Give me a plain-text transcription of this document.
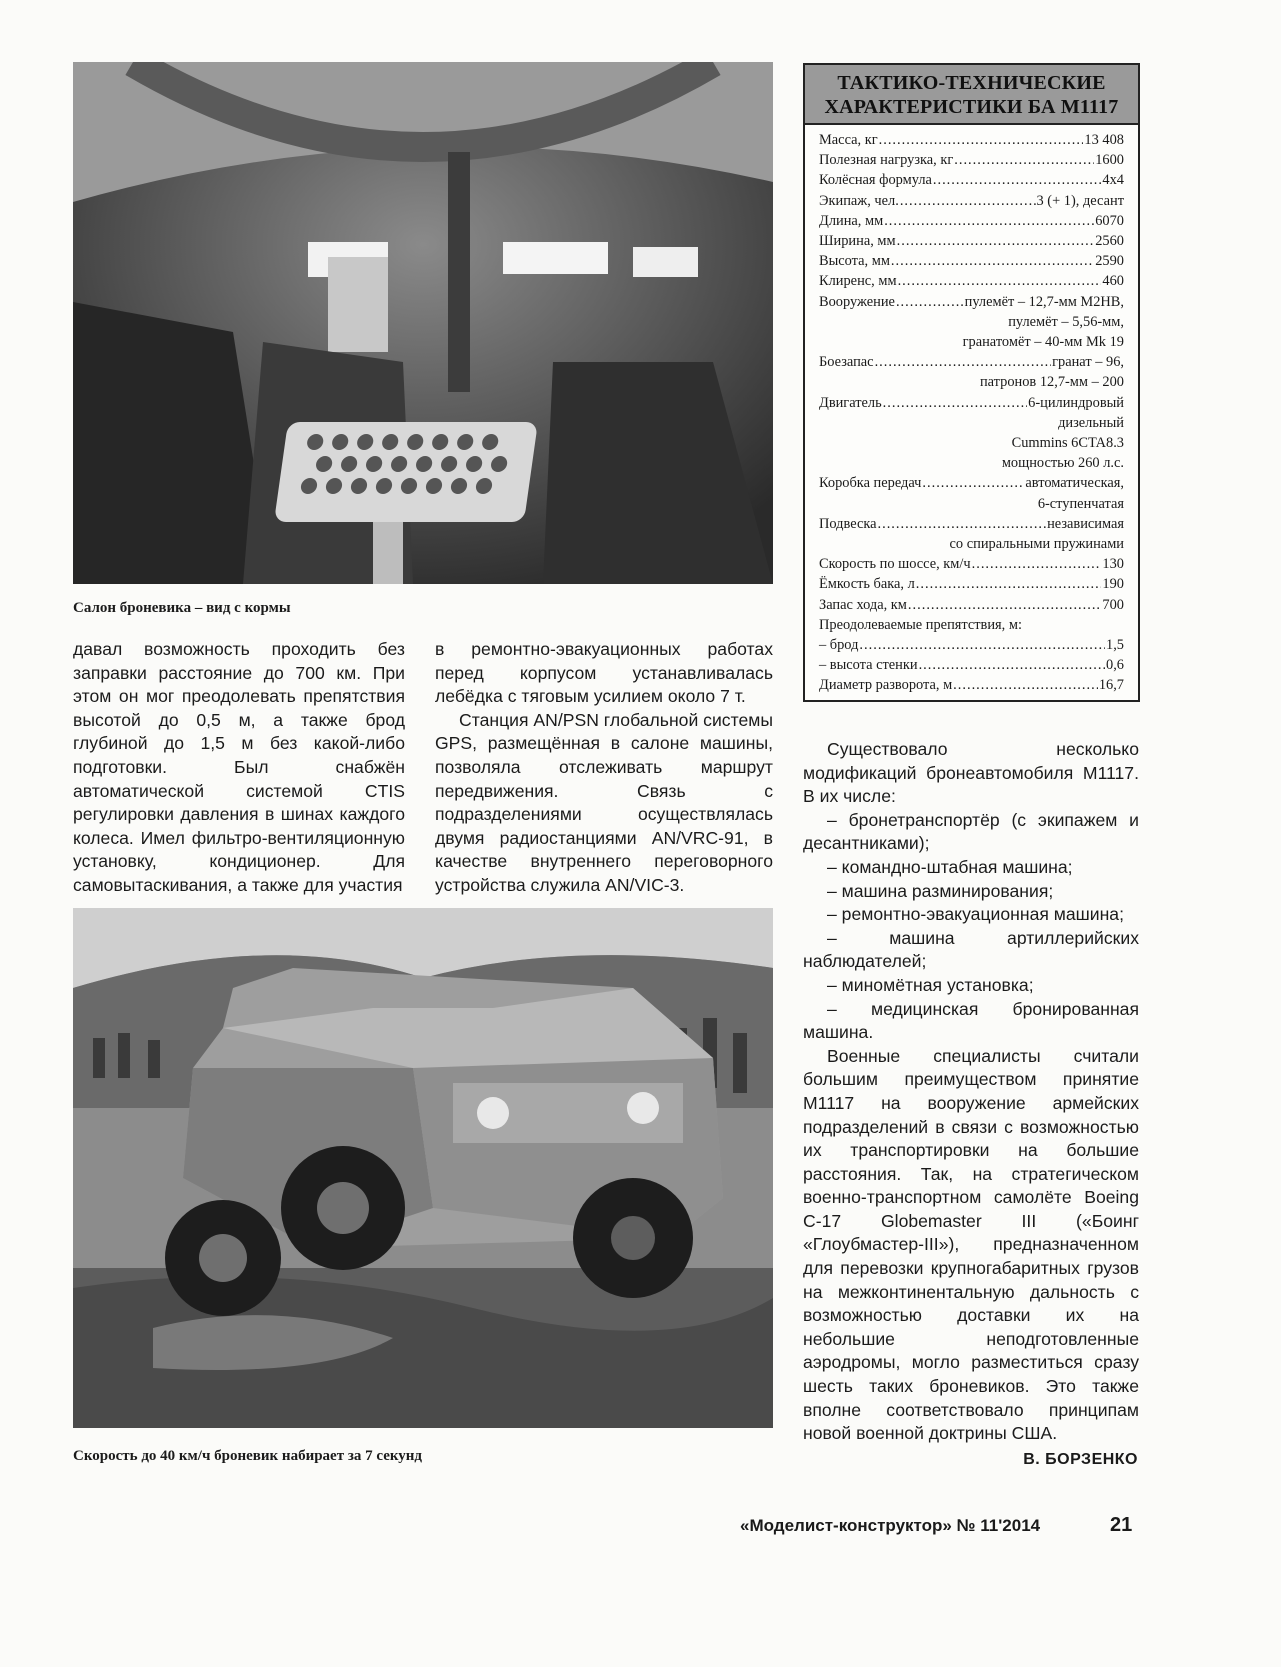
Салон броневика – вид с кормы
ТАКТИКО-ТЕХНИЧЕСКИЕ
ХАРАКТЕРИСТИКИ БА М1117
Масса, кг .....	13 408
Полезная нагрузка, кг .....	1600
Колёсная формула .....	4x4
Экипаж, чел. .....	3 (+ 1), десант
Длина, мм .....	6070
Ширина, мм .....	2560
Высота, мм .....	2590
Клиренс, мм .....	460
Вооружение .....	пулемёт – 12,7-мм M2HB,
пулемёт – 5,56-мм,
гранатомёт – 40-мм Mk 19
Боезапас .....	гранат – 96,
патронов 12,7-мм – 200
Двигатель .....	6-цилиндровый
дизельный
Cummins 6CTA8.3
мощностью 260 л.с.
Коробка передач .....	автоматическая,
6-ступенчатая
Подвеска .....	независимая
со спиральными пружинами
Скорость по шоссе, км/ч .....	130
Ёмкость бака, л .....	190
Запас хода, км .....	700
Преодолеваемые препятствия, м:
– брод .....	1,5
– высота стенки .....	0,6
Диаметр разворота, м .....	16,7

давал возможность проходить без заправки расстояние до 700 км. При этом он мог преодолевать препятствия высотой до 0,5 м, а также брод глубиной до 1,5 м без какой-либо подготовки. Был снабжён автоматической системой CTIS регулировки давления в шинах каждого колеса. Имел фильтро-вентиляционную установку, кондиционер. Для самовытаскивания, а также для участия

в ремонтно-эвакуационных работах перед корпусом устанавливалась лебёдка с тяговым усилием около 7 т.

Станция AN/PSN глобальной системы GPS, размещённая в салоне машины, позволяла отслеживать маршрут передвижения. Связь с подразделениями осуществлялась двумя радиостанциями AN/VRC-91, в качестве внутреннего переговорного устройства служила AN/VIC-3.

Существовало несколько модификаций бронеавтомобиля М1117. В их числе:

– бронетранспортёр (с экипажем и десантниками);

– командно-штабная машина;

– машина разминирования;

– ремонтно-эвакуационная машина;

– машина артиллерийских наблюдателей;

– миномётная установка;

– медицинская бронированная машина.

Военные специалисты считали большим преимуществом принятие М1117 на вооружение армейских подразделений в связи с возможностью их транспортировки на большие расстояния. Так, на стратегическом военно-транспортном самолёте Boeing C-17 Globemaster III («Боинг «Глоубмастер-III»), предназначенном для перевозки крупногабаритных грузов на межконтинентальную дальность с возможностью доставки их на небольшие неподготовленные аэродромы, могло разместиться сразу шесть таких броневиков. Это также вполне соответствовало принципам новой военной доктрины США.

Скорость до 40 км/ч броневик набирает за 7 секунд	В. БОРЗЕНКО
«Моделист-конструктор» № 11'2014	21
